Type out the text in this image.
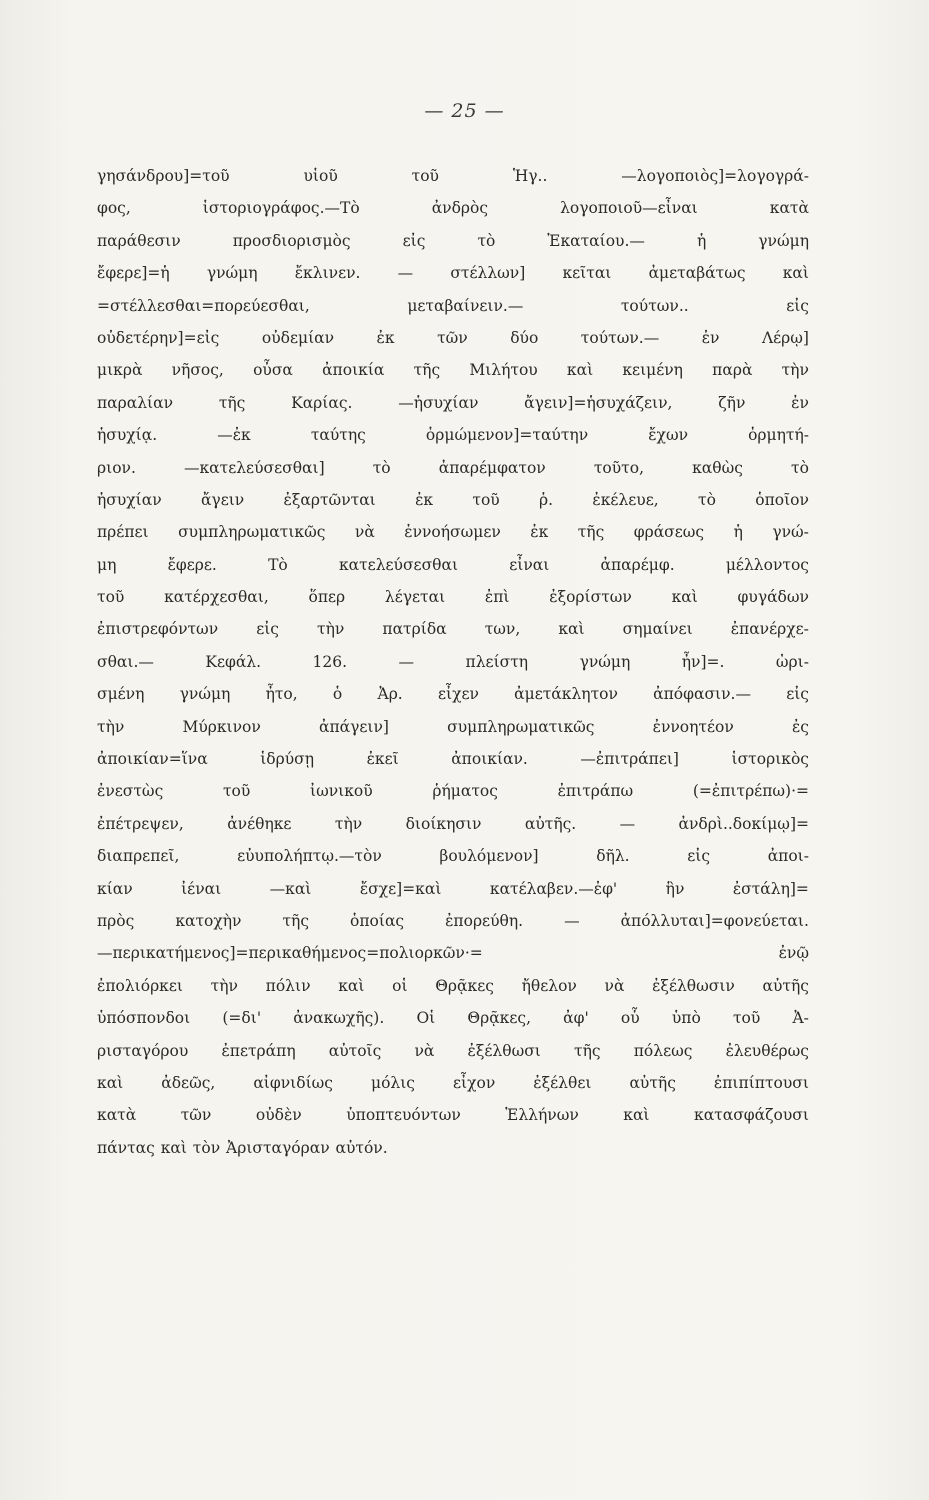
— 25 —
γησάνδρου]=τοῦ	υἱοῦ	τοῦ	Ἡγ..	—λογοποιὸς]=λογογρά-
φος,	ἱστοριογράφος.—Τὸ	ἀνδρὸς	λογοποιοῦ—εἶναι	κατὰ
παράθεσιν	προσδιορισμὸς	εἰς	τὸ	Ἑκαταίου.—	ἡ	γνώμη
ἔφερε]=ἡ γνώμη ἔκλινεν. — στέλλων] κεῖται ἀμεταβάτως καὶ
=στέλλεσθαι=πορεύεσθαι,	μεταβαίνειν.—	τούτων..	εἰς
οὐδετέρην]=εἰς	οὐδεμίαν	ἐκ	τῶν	δύο	τούτων.—	ἐν	Λέρῳ]
μικρὰ νῆσος, οὖσα ἀποικία τῆς Μιλήτου καὶ κειμένη παρὰ τὴν
παραλίαν	τῆς	Καρίας.	—ἡσυχίαν	ἄγειν]=ἡσυχάζειν,	ζῆν	ἐν
ἡσυχίᾳ.	—ἐκ	ταύτης	ὁρμώμενον]=ταύτην	ἔχων	ὁρμητή-
ριον.	—κατελεύσεσθαι]	τὸ	ἀπαρέμφατον	τοῦτο,	καθὼς	τὸ
ἡσυχίαν	ἄγειν	ἐξαρτῶνται	ἐκ	τοῦ	ῥ.	ἐκέλευε,	τὸ	ὁποῖον
πρέπει συμπληρωματικῶς νὰ ἐννοήσωμεν ἐκ τῆς φράσεως ἡ γνώ-
μη	ἔφερε.	Τὸ	κατελεύσεσθαι	εἶναι	ἀπαρέμφ.	μέλλοντος
τοῦ	κατέρχεσθαι,	ὅπερ	λέγεται	ἐπὶ	ἐξορίστων	καὶ	φυγάδων
ἐπιστρεφόντων εἰς τὴν πατρίδα των, καὶ σημαίνει ἐπανέρχε-
σθαι.—	Κεφάλ.	126.	—	πλείστη	γνώμη	ἦν]=.	ὡρι-
σμένη γνώμη ἦτο, ὁ Ἀρ. εἶχεν ἀμετάκλητον ἀπόφασιν.— εἰς
τὴν	Μύρκινον	ἀπάγειν]	συμπληρωματικῶς	ἐννοητέον	ἐς
ἀποικίαν=ἵνα	ἱδρύσῃ	ἐκεῖ	ἀποικίαν.	—ἐπιτράπει]	ἱστορικὸς
ἐνεστὼς	τοῦ	ἰωνικοῦ	ῥήματος	ἐπιτράπω	(=ἐπιτρέπω)·=
ἐπέτρεψεν,	ἀνέθηκε	τὴν	διοίκησιν	αὐτῆς.	—	ἀνδρὶ..δοκίμῳ]=
διαπρεπεῖ,	εὐυπολήπτῳ.—τὸν	βουλόμενον]	δῆλ.	εἰς	ἀποι-
κίαν	ἰέναι	—καὶ	ἔσχε]=καὶ	κατέλαβεν.—ἐφ'	ἣν	ἐστάλη]=
πρὸς	κατοχὴν	τῆς	ὁποίας	ἐπορεύθη.	—	ἀπόλλυται]=φονεύεται.
—περικατήμενος]=περικαθήμενος=πολιορκῶν·=	ἐνῷ
ἐπολιόρκει τὴν πόλιν καὶ οἱ Θρᾷκες ἤθελον νὰ ἐξέλθωσιν αὐτῆς
ὑπόσπονδοι (=δι' ἀνακωχῆς). Οἱ Θρᾷκες, ἀφ' οὗ ὑπὸ τοῦ Ἀ-
ρισταγόρου ἐπετράπη αὐτοῖς νὰ ἐξέλθωσι τῆς πόλεως ἐλευθέρως
καὶ ἀδεῶς, αἰφνιδίως μόλις εἶχον ἐξέλθει αὐτῆς ἐπιπίπτουσι
κατὰ	τῶν	οὐδὲν	ὑποπτευόντων	Ἑλλήνων	καὶ	κατασφάζουσι
πάντας καὶ τὸν Ἀρισταγόραν αὐτόν.
